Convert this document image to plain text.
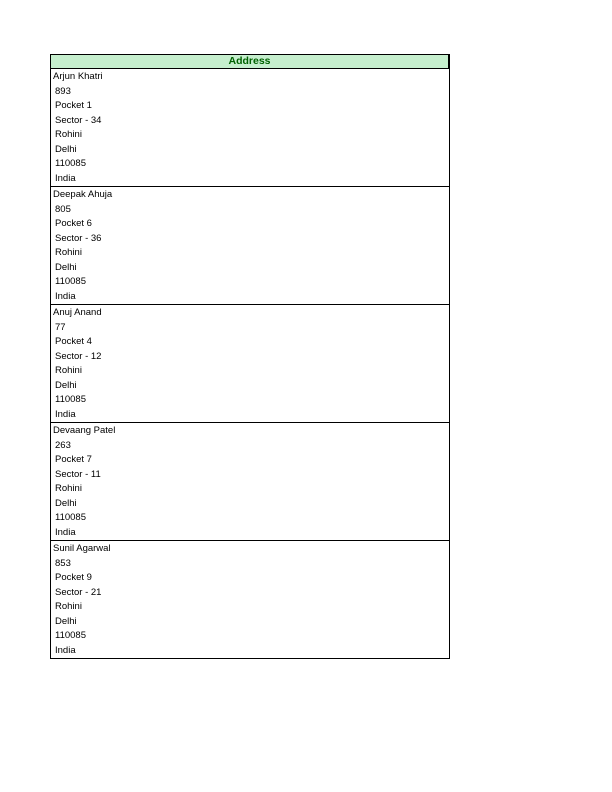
Address
Arjun Khatri
893
Pocket 1
Sector - 34
Rohini
Delhi
110085
India
Deepak Ahuja
805
Pocket 6
Sector - 36
Rohini
Delhi
110085
India
Anuj Anand
77
Pocket 4
Sector - 12
Rohini
Delhi
110085
India
Devaang Patel
263
Pocket 7
Sector - 11
Rohini
Delhi
110085
India
Sunil Agarwal
853
Pocket 9
Sector - 21
Rohini
Delhi
110085
India
